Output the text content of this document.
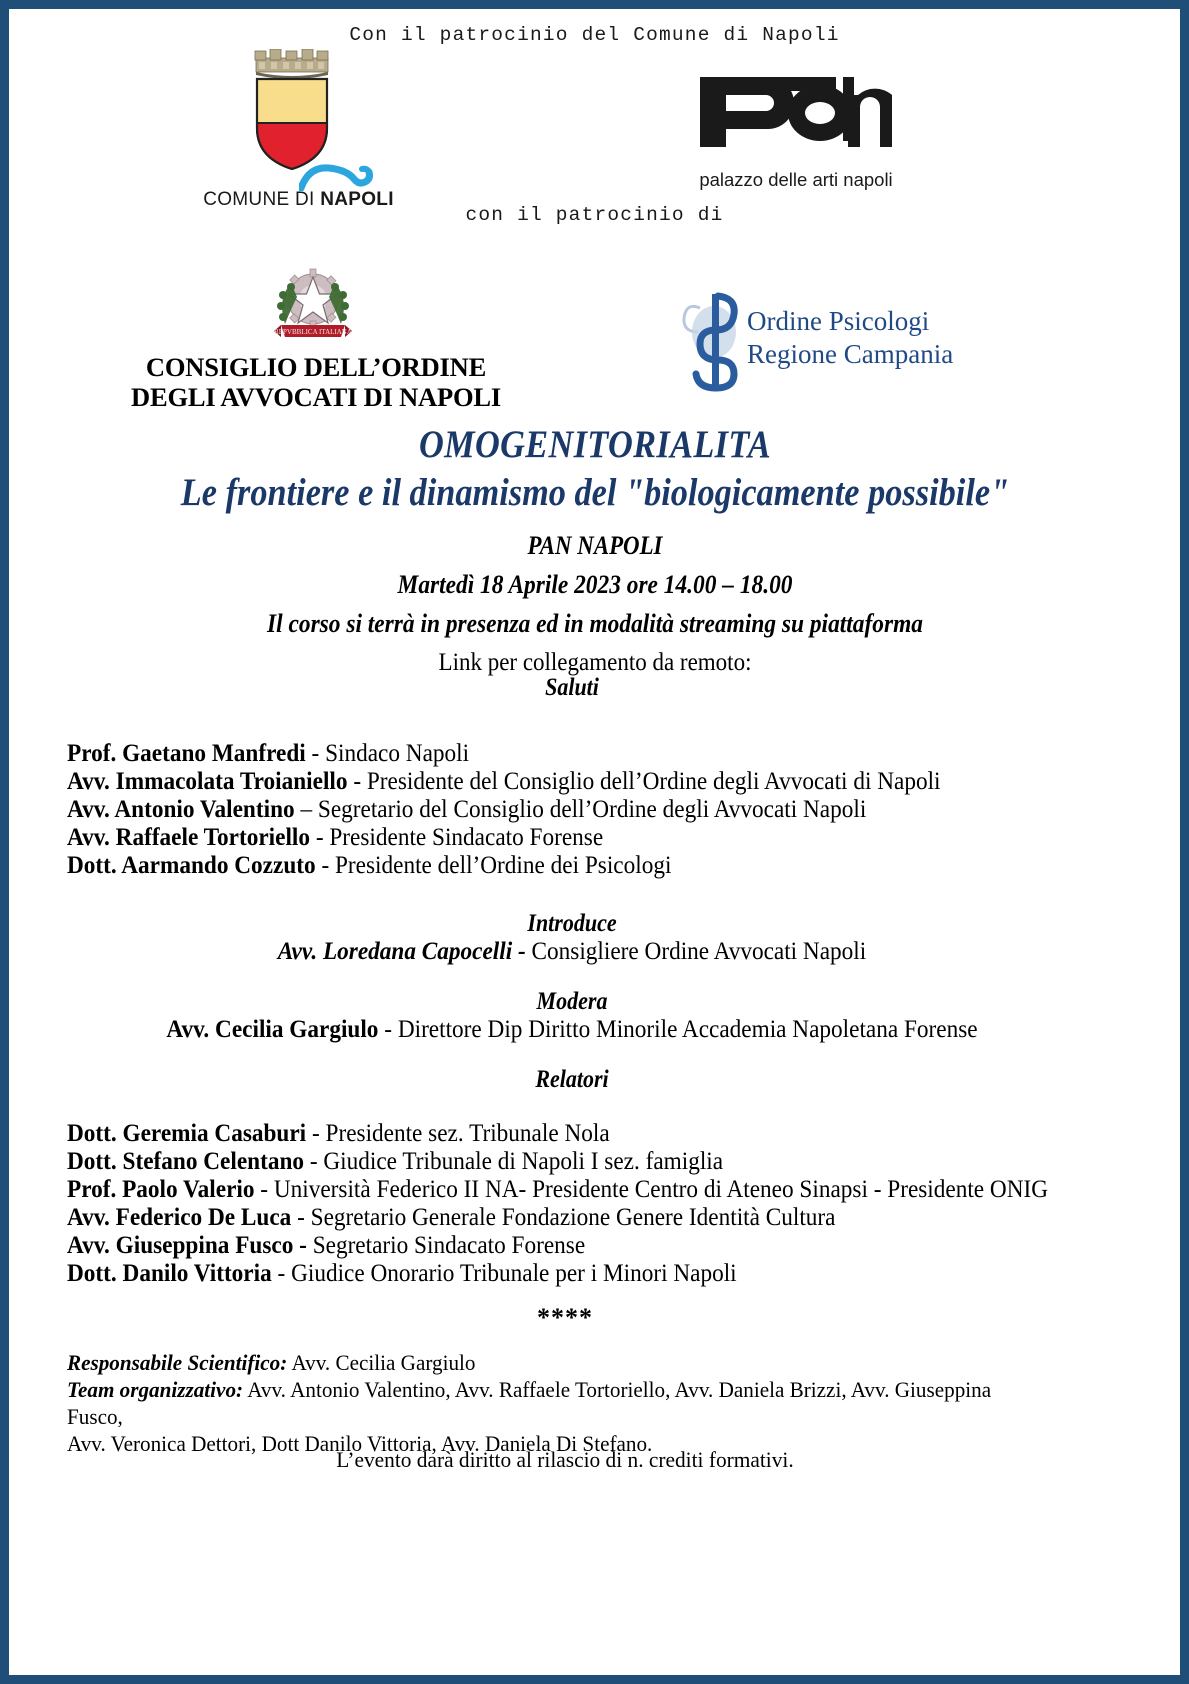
Con il patrocinio del Comune di Napoli
COMUNE DI NAPOLI
palazzo delle arti napoli
con il patrocinio di
REPVBBLICA ITALIANA
CONSIGLIO DELL’ORDINE
DEGLI AVVOCATI DI NAPOLI
Ordine Psicologi
Regione Campania
OMOGENITORIALITA
Le frontiere e il dinamismo del "biologicamente possibile"
PAN NAPOLI
Martedì 18 Aprile 2023 ore 14.00 – 18.00
Il corso si terrà in presenza ed in modalità streaming su piattaforma
Link per collegamento da remoto:
Saluti
Prof. Gaetano Manfredi - Sindaco Napoli
Avv. Immacolata Troianiello - Presidente del Consiglio dell’Ordine degli Avvocati di Napoli
Avv. Antonio Valentino – Segretario del Consiglio dell’Ordine degli Avvocati Napoli
Avv. Raffaele Tortoriello - Presidente Sindacato Forense
Dott. Aarmando Cozzuto - Presidente dell’Ordine dei Psicologi
Introduce
Avv. Loredana Capocelli - Consigliere Ordine Avvocati Napoli
Modera
Avv. Cecilia Gargiulo - Direttore Dip Diritto Minorile Accademia Napoletana Forense
Relatori
Dott. Geremia Casaburi - Presidente sez. Tribunale Nola
Dott. Stefano Celentano - Giudice Tribunale di Napoli I sez. famiglia
Prof. Paolo Valerio - Università Federico II NA- Presidente Centro di Ateneo Sinapsi - Presidente ONIG
Avv. Federico De Luca - Segretario Generale Fondazione Genere Identità Cultura
Avv. Giuseppina Fusco - Segretario Sindacato Forense
Dott. Danilo Vittoria - Giudice Onorario Tribunale per i Minori Napoli
****
Responsabile Scientifico: Avv. Cecilia Gargiulo
Team organizzativo: Avv. Antonio Valentino, Avv. Raffaele Tortoriello, Avv. Daniela Brizzi, Avv. Giuseppina Fusco,
Avv. Veronica Dettori, Dott Danilo Vittoria, Avv. Daniela Di Stefano.
L’evento darà diritto al rilascio di n. crediti formativi.
